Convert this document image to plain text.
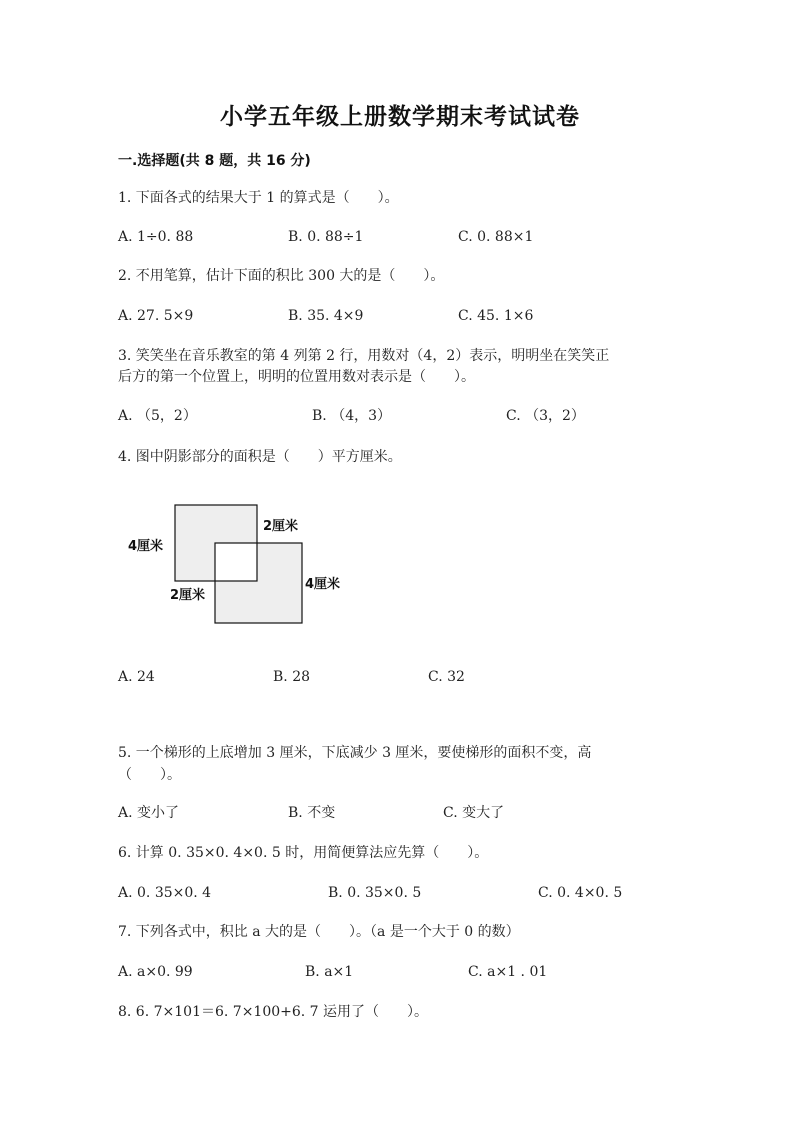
小学五年级上册数学期末考试试卷
一.选择题(共 8 题，共 16 分)
1. 下面各式的结果大于 1 的算式是（　　）。
A. 1÷0. 88	B. 0. 88÷1	C. 0. 88×1
2. 不用笔算，估计下面的积比 300 大的是（　　）。
A. 27. 5×9	B. 35. 4×9	C. 45. 1×6
3. 笑笑坐在音乐教室的第 4 列第 2 行，用数对（4，2）表示，明明坐在笑笑正
后方的第一个位置上，明明的位置用数对表示是（　　）。
A. （5，2）	B. （4，3）	C. （3，2）
4. 图中阴影部分的面积是（　　）平方厘米。
4厘米
2厘米
2厘米
4厘米
A. 24	B. 28	C. 32
5. 一个梯形的上底增加 3 厘米，下底减少 3 厘米，要使梯形的面积不变，高
（　　）。
A. 变小了	B. 不变	C. 变大了
6. 计算 0. 35×0. 4×0. 5 时，用简便算法应先算（　　）。
A. 0. 35×0. 4	B. 0. 35×0. 5	C. 0. 4×0. 5
7. 下列各式中，积比 a 大的是（　　）。（a 是一个大于 0 的数）
A. a×0. 99	B. a×1	C. a×1 . 01
8. 6. 7×101＝6. 7×100+6. 7 运用了（　　）。
